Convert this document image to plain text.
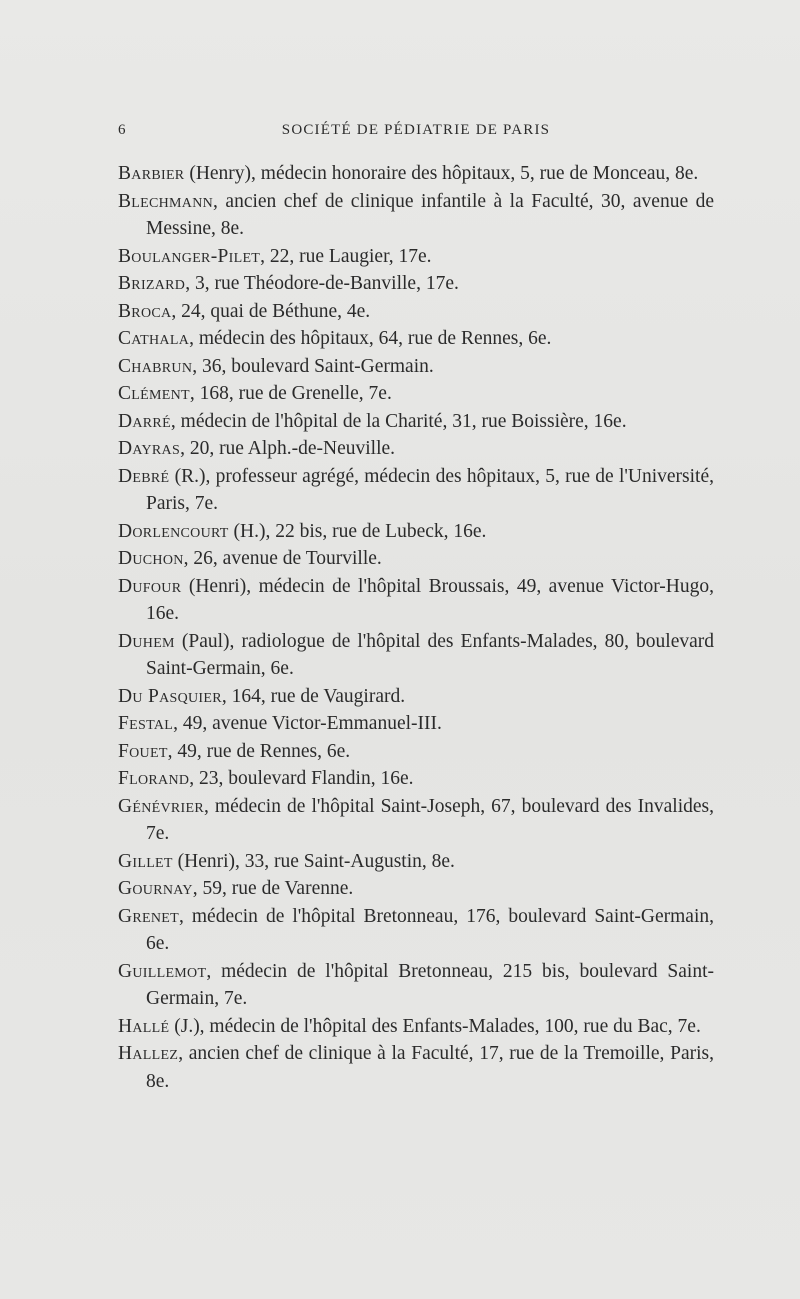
6	SOCIÉTÉ DE PÉDIATRIE DE PARIS

Barbier (Henry), médecin honoraire des hôpitaux, 5, rue de Monceau, 8e.

Blechmann, ancien chef de clinique infantile à la Faculté, 30, avenue de Messine, 8e.

Boulanger-Pilet, 22, rue Laugier, 17e.

Brizard, 3, rue Théodore-de-Banville, 17e.

Broca, 24, quai de Béthune, 4e.

Cathala, médecin des hôpitaux, 64, rue de Rennes, 6e.

Chabrun, 36, boulevard Saint-Germain.

Clément, 168, rue de Grenelle, 7e.

Darré, médecin de l'hôpital de la Charité, 31, rue Boissière, 16e.

Dayras, 20, rue Alph.-de-Neuville.

Debré (R.), professeur agrégé, médecin des hôpitaux, 5, rue de l'Université, Paris, 7e.

Dorlencourt (H.), 22 bis, rue de Lubeck, 16e.

Duchon, 26, avenue de Tourville.

Dufour (Henri), médecin de l'hôpital Broussais, 49, avenue Victor-Hugo, 16e.

Duhem (Paul), radiologue de l'hôpital des Enfants-Malades, 80, boulevard Saint-Germain, 6e.

Du Pasquier, 164, rue de Vaugirard.

Festal, 49, avenue Victor-Emmanuel-III.

Fouet, 49, rue de Rennes, 6e.

Florand, 23, boulevard Flandin, 16e.

Génévrier, médecin de l'hôpital Saint-Joseph, 67, boulevard des Invalides, 7e.

Gillet (Henri), 33, rue Saint-Augustin, 8e.

Gournay, 59, rue de Varenne.

Grenet, médecin de l'hôpital Bretonneau, 176, boulevard Saint-Germain, 6e.

Guillemot, médecin de l'hôpital Bretonneau, 215 bis, boulevard Saint-Germain, 7e.

Hallé (J.), médecin de l'hôpital des Enfants-Malades, 100, rue du Bac, 7e.

Hallez, ancien chef de clinique à la Faculté, 17, rue de la Tremoille, Paris, 8e.
